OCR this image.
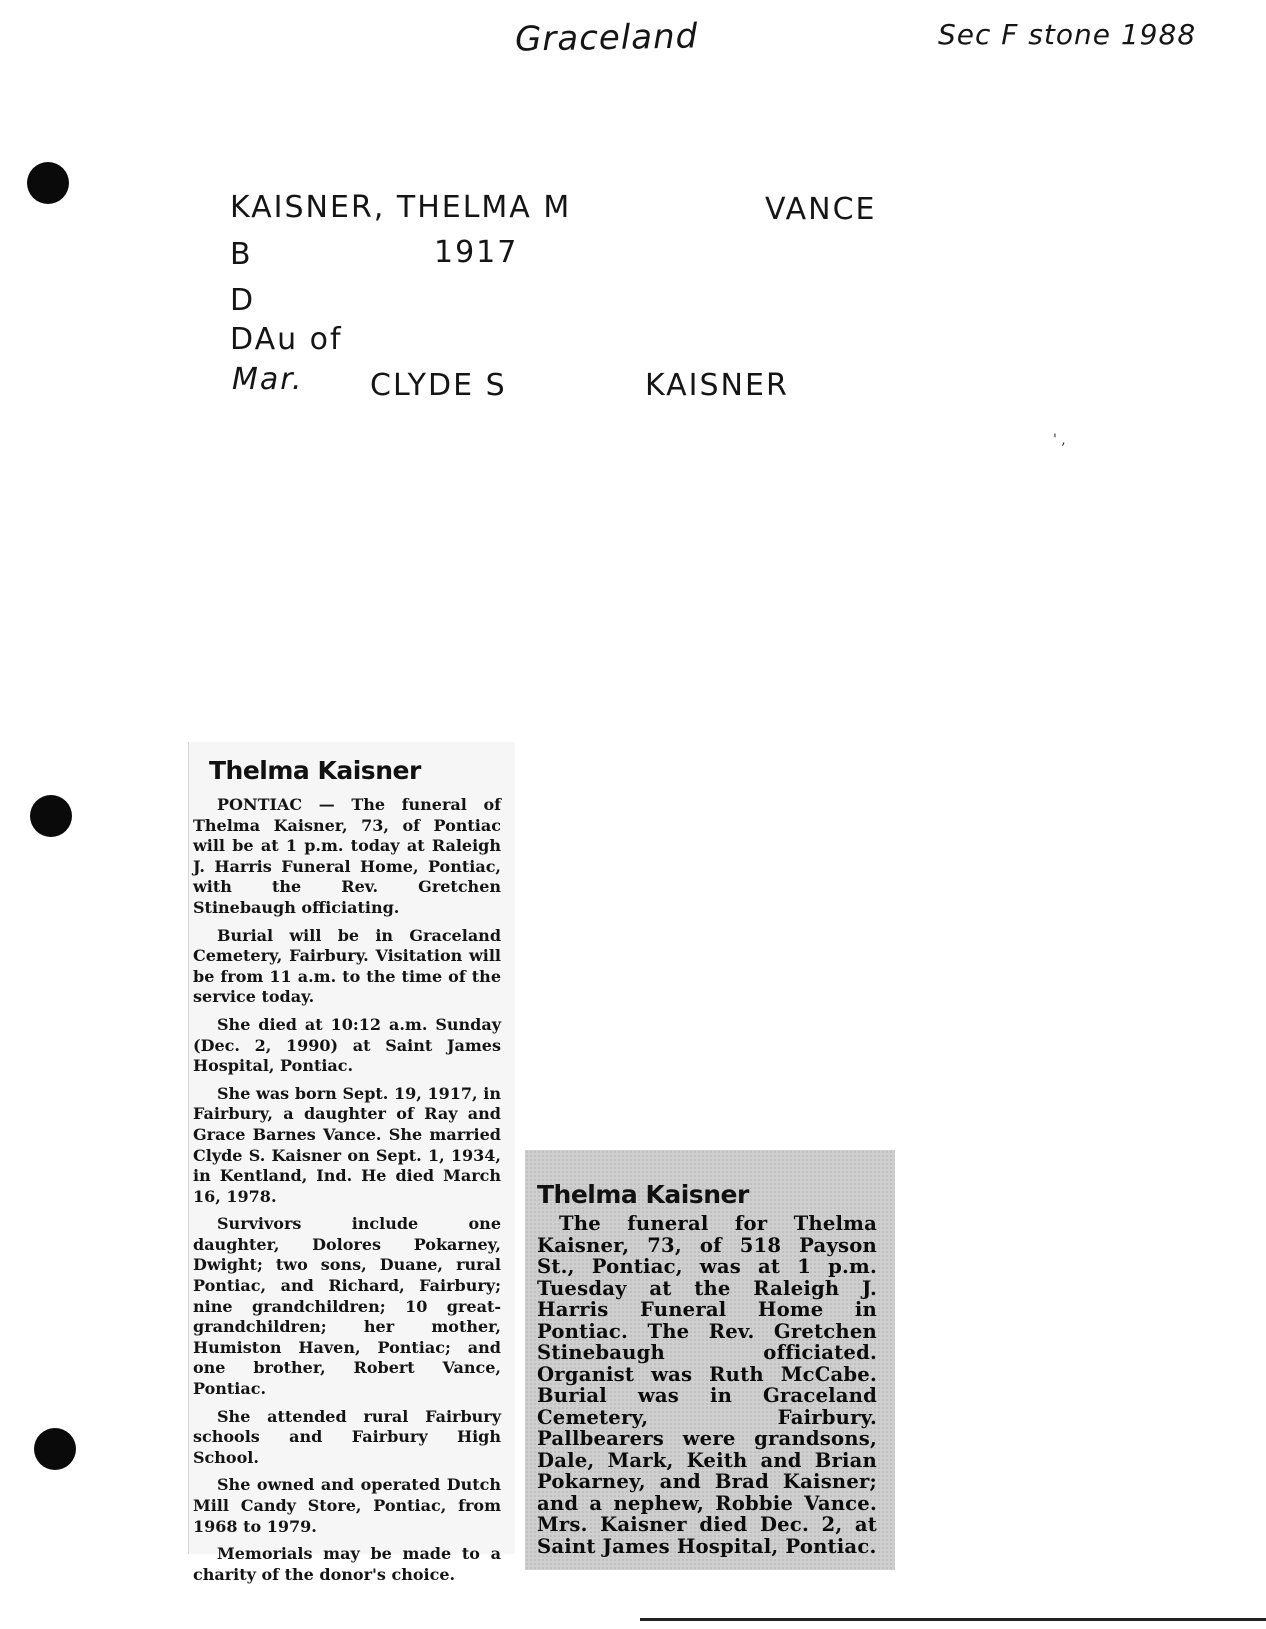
Graceland	Sec F stone 1988
KAISNER, THELMA M	VANCE
B	1917
D
DAu of
Mar. CLYDE S	KAISNER
' ,
Thelma Kaisner

PONTIAC — The funeral of Thelma Kaisner, 73, of Pontiac will be at 1 p.m. today at Raleigh J. Harris Funeral Home, Pontiac, with the Rev. Gretchen Stinebaugh officiating.

Burial will be in Graceland Cemetery, Fairbury. Visitation will be from 11 a.m. to the time of the service today.

She died at 10:12 a.m. Sunday (Dec. 2, 1990) at Saint James Hospital, Pontiac.

She was born Sept. 19, 1917, in Fairbury, a daughter of Ray and Grace Barnes Vance. She married Clyde S. Kaisner on Sept. 1, 1934, in Kentland, Ind. He died March 16, 1978.

Survivors include one daughter, Dolores Pokarney, Dwight; two sons, Duane, rural Pontiac, and Richard, Fairbury; nine grandchildren; 10 great-grandchildren; her mother, Humiston Haven, Pontiac; and one brother, Robert Vance, Pontiac.

She attended rural Fairbury schools and Fairbury High School.

She owned and operated Dutch Mill Candy Store, Pontiac, from 1968 to 1979.

Memorials may be made to a charity of the donor's choice.

Thelma Kaisner

The funeral for Thelma Kaisner, 73, of 518 Payson St., Pontiac, was at 1 p.m. Tuesday at the Raleigh J. Harris Funeral Home in Pontiac. The Rev. Gretchen Stinebaugh officiated. Organist was Ruth McCabe. Burial was in Graceland Cemetery, Fairbury. Pallbearers were grandsons, Dale, Mark, Keith and Brian Pokarney, and Brad Kaisner; and a nephew, Robbie Vance. Mrs. Kaisner died Dec. 2, at Saint James Hospital, Pontiac.
